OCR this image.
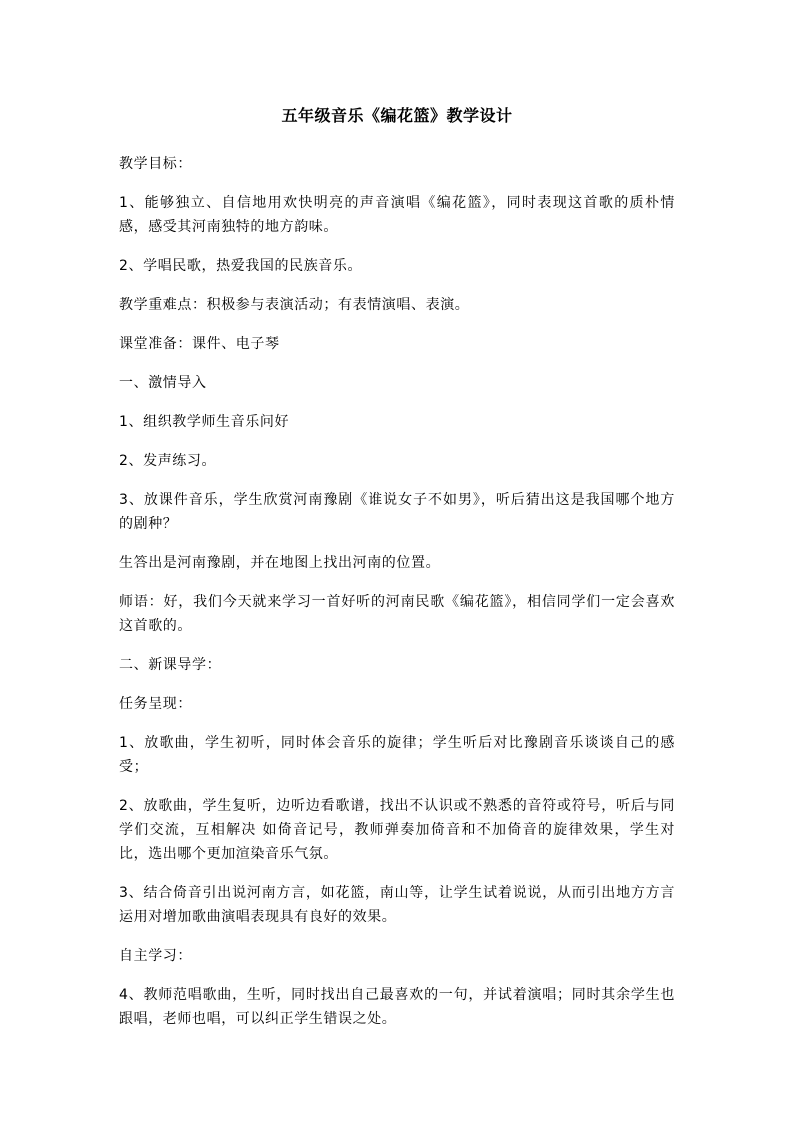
五年级音乐《编花篮》教学设计

教学目标：

1、能够独立、自信地用欢快明亮的声音演唱《编花篮》，同时表现这首歌的质朴情感，感受其河南独特的地方韵味。

2、学唱民歌，热爱我国的民族音乐。

教学重难点：积极参与表演活动；有表情演唱、表演。

课堂准备：课件、电子琴

一、激情导入

1、组织教学师生音乐问好

2、发声练习。

3、放课件音乐，学生欣赏河南豫剧《谁说女子不如男》，听后猜出这是我国哪个地方的剧种？

生答出是河南豫剧，并在地图上找出河南的位置。

师语：好，我们今天就来学习一首好听的河南民歌《编花篮》，相信同学们一定会喜欢这首歌的。

二、新课导学：

任务呈现：

1、放歌曲，学生初听，同时体会音乐的旋律；学生听后对比豫剧音乐谈谈自己的感受；

2、放歌曲，学生复听，边听边看歌谱，找出不认识或不熟悉的音符或符号，听后与同学们交流，互相解决 如倚音记号，教师弹奏加倚音和不加倚音的旋律效果，学生对比，选出哪个更加渲染音乐气氛。

3、结合倚音引出说河南方言，如花篮，南山等，让学生试着说说，从而引出地方方言运用对增加歌曲演唱表现具有良好的效果。

自主学习：

4、教师范唱歌曲，生听，同时找出自己最喜欢的一句，并试着演唱；同时其余学生也跟唱，老师也唱，可以纠正学生错误之处。
